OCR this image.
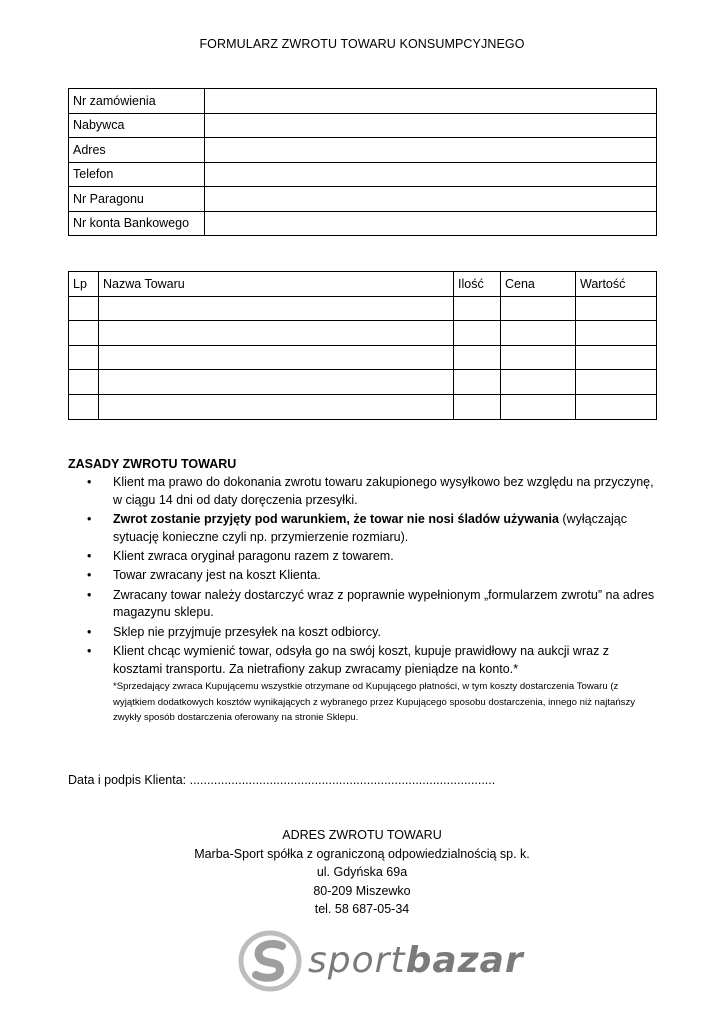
FORMULARZ ZWROTU TOWARU KONSUMPCYJNEGO
Nr zamówienia	
Nabywca	
Adres	
Telefon	
Nr Paragonu	
Nr konta Bankowego	
Lp	Nazwa Towaru	Ilość	Cena	Wartość

ZASADY ZWROTU TOWARU
• Klient ma prawo do dokonania zwrotu towaru zakupionego wysyłkowo bez względu na przyczynę, w ciągu 14 dni od daty doręczenia przesyłki.
• Zwrot zostanie przyjęty pod warunkiem, że towar nie nosi śladów używania (wyłączając sytuację konieczne czyli np. przymierzenie rozmiaru).
• Klient zwraca oryginał paragonu razem z towarem.
• Towar zwracany jest na koszt Klienta.
• Zwracany towar należy dostarczyć wraz z poprawnie wypełnionym „formularzem zwrotu” na adres magazynu sklepu.
• Sklep nie przyjmuje przesyłek na koszt odbiorcy.
• Klient chcąc wymienić towar, odsyła go na swój koszt, kupuje prawidłowy na aukcji wraz z kosztami transportu. Za nietrafiony zakup zwracamy pieniądze na konto.*
*Sprzedający zwraca Kupującemu wszystkie otrzymane od Kupującego płatności, w tym koszty dostarczenia Towaru (z wyjątkiem dodatkowych kosztów wynikających z wybranego przez Kupującego sposobu dostarczenia, innego niż najtańszy zwykły sposób dostarczenia oferowany na stronie Sklepu.
Data i podpis Klienta: ........................................................................................
ADRES ZWROTU TOWARU
Marba-Sport spółka z ograniczoną odpowiedzialnością sp. k.
ul. Gdyńska 69a
80-209 Miszewko
tel. 58 687-05-34
sportbazar
